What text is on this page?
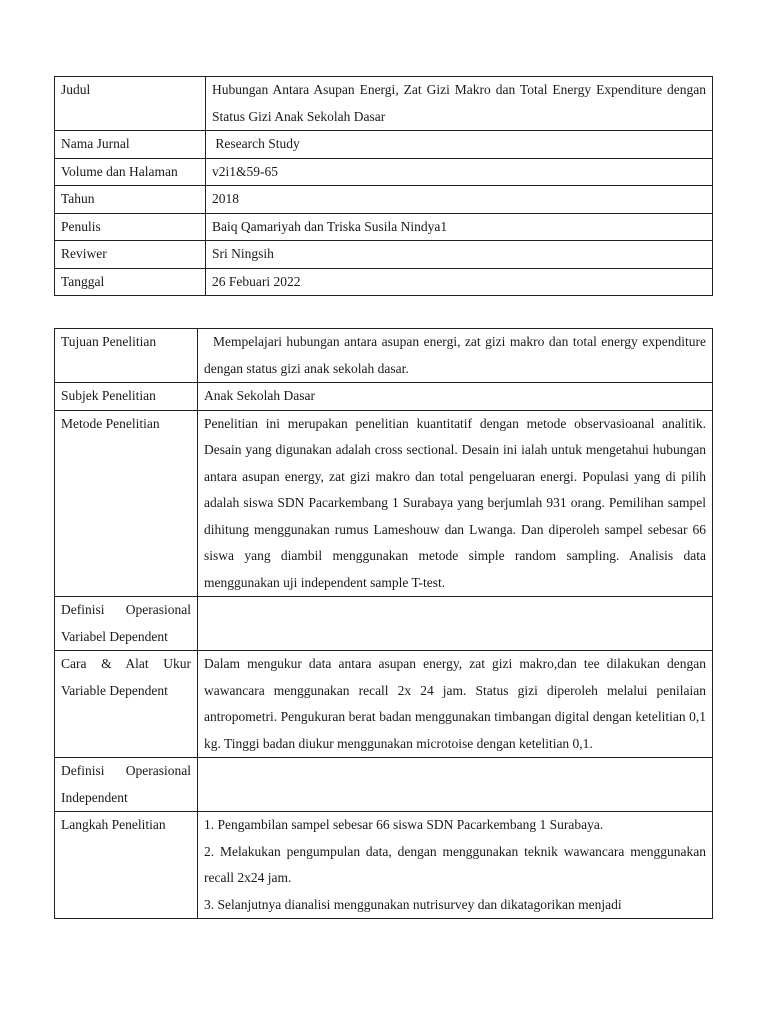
Judul	Hubungan Antara Asupan Energi, Zat Gizi Makro dan Total Energy Expenditure dengan Status Gizi Anak Sekolah Dasar
Nama Jurnal	Research Study
Volume dan Halaman	v2i1&59-65
Tahun	2018
Penulis	Baiq Qamariyah dan Triska Susila Nindya1
Reviwer	Sri Ningsih
Tanggal	26 Febuari 2022
Tujuan Penelitian	Mempelajari hubungan antara asupan energi, zat gizi makro dan total energy expenditure dengan status gizi anak sekolah dasar.
Subjek Penelitian	Anak Sekolah Dasar
Metode Penelitian	Penelitian ini merupakan penelitian kuantitatif dengan metode observasioanal analitik. Desain yang digunakan adalah cross sectional. Desain ini ialah untuk mengetahui hubungan antara asupan energy, zat gizi makro dan total pengeluaran energi. Populasi yang di pilih adalah siswa SDN Pacarkembang 1 Surabaya yang berjumlah 931 orang. Pemilihan sampel dihitung menggunakan rumus Lameshouw dan Lwanga. Dan diperoleh sampel sebesar 66 siswa yang diambil menggunakan metode simple random sampling. Analisis data menggunakan uji independent sample T-test.
Definisi Operasional Variabel Dependent	
Cara & Alat Ukur Variable Dependent	Dalam mengukur data antara asupan energy, zat gizi makro,dan tee dilakukan dengan wawancara menggunakan recall 2x 24 jam. Status gizi diperoleh melalui penilaian antropometri. Pengukuran berat badan menggunakan timbangan digital dengan ketelitian 0,1 kg. Tinggi badan diukur menggunakan microtoise dengan ketelitian 0,1.
Definisi Operasional Independent	
Langkah Penelitian	1. Pengambilan sampel sebesar 66 siswa SDN Pacarkembang 1 Surabaya.
2. Melakukan pengumpulan data, dengan menggunakan teknik wawancara menggunakan recall 2x24 jam.
3. Selanjutnya dianalisi menggunakan nutrisurvey dan dikatagorikan menjadi
